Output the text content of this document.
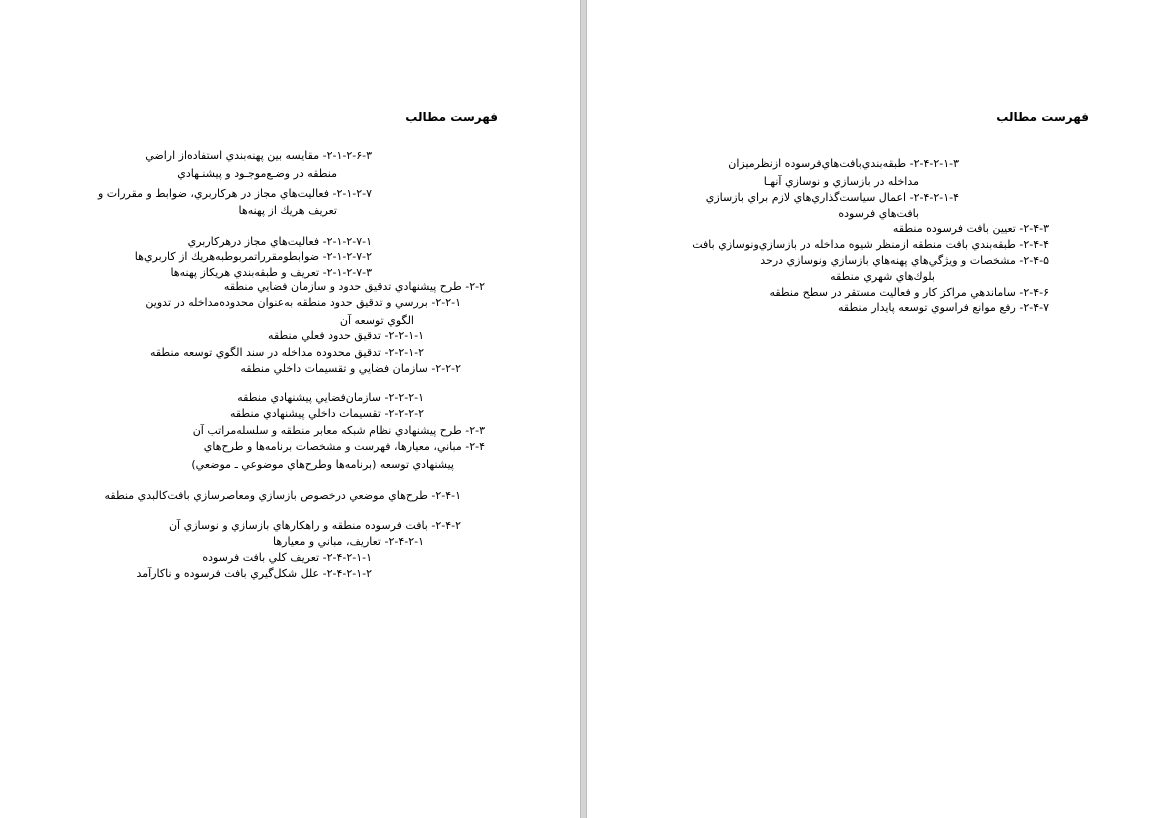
فهرست مطالب
۲-۱-۲-۶-۳- مقايسه بين پهنه‌بندي استفاده‌از اراضي
منطقه در وضـع‌موجـود و پيشنـهادي
۲-۱-۲-۷- فعاليت‌هاي مجاز در هركاربري، ضوابط و مقررات و
تعريف هريك از پهنه‌ها
۲-۱-۲-۷-۱- فعاليت‌هاي مجاز درهركاربري
۲-۱-۲-۷-۲- ضوابطومقرراتمربوطبه‌هريك از كاربري‌ها
۲-۱-۲-۷-۳- تعريف و طبقه‌بندي هريكاز پهنه‌ها
۲-۲- طرح پيشنهادي تدقيق حدود و سازمان فضايي منطقه
۲-۲-۱- بررسي و تدقيق حدود منطقه به‌عنوان محدوده‌مداخله در تدوين
الگوي توسعه آن
۲-۲-۱-۱- تدقيق حدود فعلي منطقه
۲-۲-۱-۲- تدقيق محدوده مداخله در سند الگوي توسعه منطقه
۲-۲-۲- سازمان فضايي و تقسيمات داخلي منطقه
۲-۲-۲-۱- سازمان‌فضايي پيشنهادي منطقه
۲-۲-۲-۲- تقسيمات داخلي پيشنهادي منطقه
۲-۳- طرح پيشنهادي نظام شبكه معابر منطقه و سلسله‌مراتب آن
۲-۴- مباني، معيارها، فهرست و مشخصات برنامه‌ها و طرح‌هاي
پيشنهادي توسعه (برنامه‌ها وطرح‌هاي موضوعي ـ موضعي)
۲-۴-۱- طرح‌هاي موضعي درخصوص بازسازي ومعاصرسازي بافت‌كالبدي منطقه
۲-۴-۲- بافت فرسوده منطقه و راهكارهاي بازسازي و نوسازي آن
۲-۴-۲-۱- تعاريف، مباني و معيارها
۲-۴-۲-۱-۱- تعريف كلي بافت فرسوده
۲-۴-۲-۱-۲- علل شكل‌گيري بافت فرسوده و ناكارآمد
فهرست مطالب
۲-۴-۲-۱-۳- طبقه‌بندي‌بافت‌هاي‌فرسوده ازنظرميزان
مداخله در بازسازي و نوسازي آنهـا
۲-۴-۲-۱-۴- اعمال سياست‌گذاري‌هاي لازم براي بازسازي
بافت‌هاي فرسوده
۲-۴-۳- تعيين بافت فرسوده منطقه
۲-۴-۴- طبقه‌بندي بافت منطقه ازمنظر شيوه مداخله در بازسازي‌ونوسازي بافت
۲-۴-۵- مشخصات و ويژگي‌هاي پهنه‌هاي بازسازي ونوسازي درحد
بلوك‌هاي شهري منطقه
۲-۴-۶- ساماندهي مراكز كار و فعاليت مستقر در سطح منطقه
۲-۴-۷- رفع موانع فراسوي توسعه پايدار منطقه
